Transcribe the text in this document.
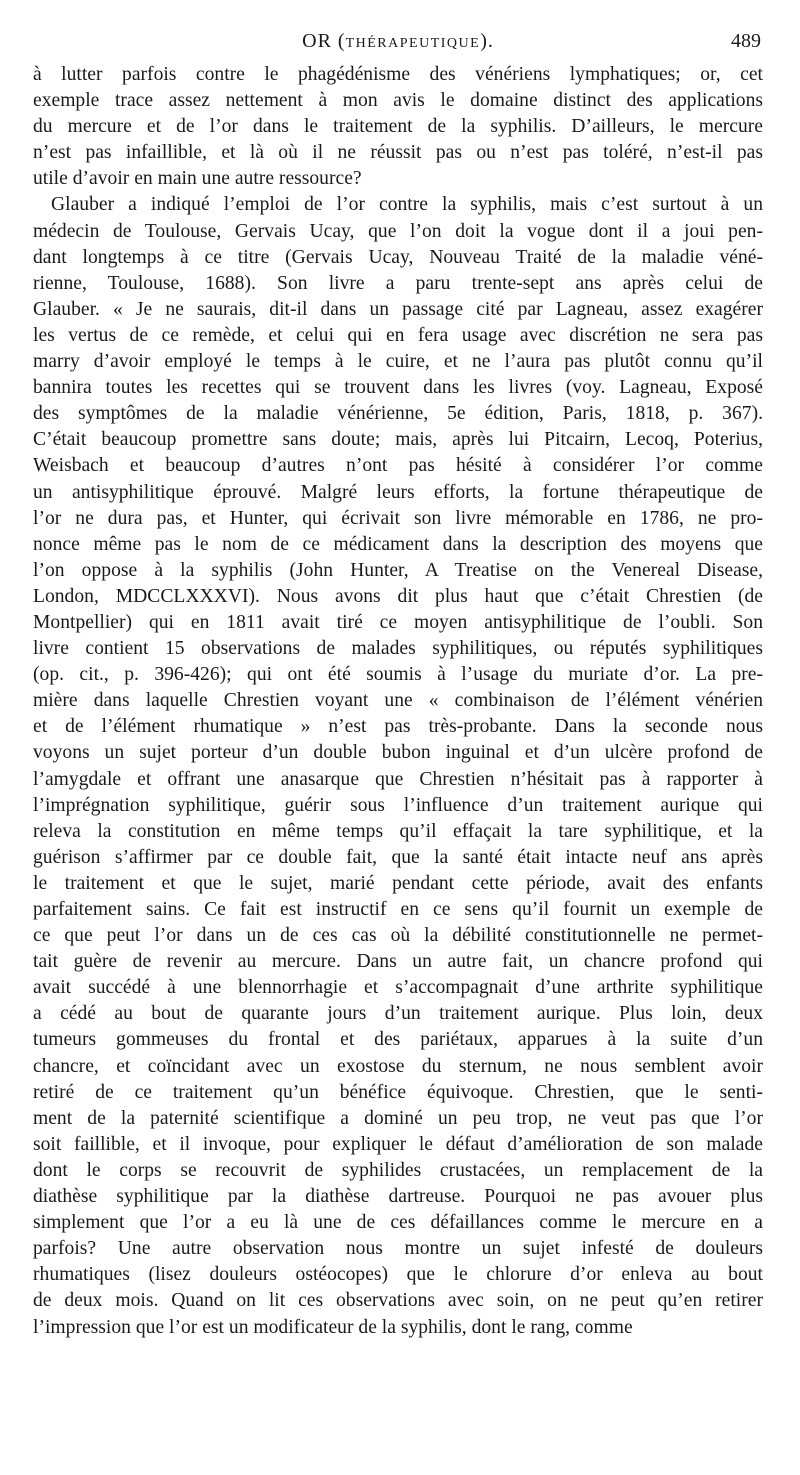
OR (THÉRAPEUTIQUE).	489
à lutter parfois contre le phagédénisme des vénériens lymphatiques; or, cet
exemple trace assez nettement à mon avis le domaine distinct des applications
du mercure et de l’or dans le traitement de la syphilis. D’ailleurs, le mercure
n’est pas infaillible, et là où il ne réussit pas ou n’est pas toléré, n’est-il pas
utile d’avoir en main une autre ressource?
Glauber a indiqué l’emploi de l’or contre la syphilis, mais c’est surtout à un
médecin de Toulouse, Gervais Ucay, que l’on doit la vogue dont il a joui pen-
dant longtemps à ce titre (Gervais Ucay, Nouveau Traité de la maladie véné-
rienne, Toulouse, 1688). Son livre a paru trente-sept ans après celui de
Glauber. « Je ne saurais, dit-il dans un passage cité par Lagneau, assez exagérer
les vertus de ce remède, et celui qui en fera usage avec discrétion ne sera pas
marry d’avoir employé le temps à le cuire, et ne l’aura pas plutôt connu qu’il
bannira toutes les recettes qui se trouvent dans les livres (voy. Lagneau, Exposé
des symptômes de la maladie vénérienne, 5e édition, Paris, 1818, p. 367).
C’était beaucoup promettre sans doute; mais, après lui Pitcairn, Lecoq, Poterius,
Weisbach et beaucoup d’autres n’ont pas hésité à considérer l’or comme
un antisyphilitique éprouvé. Malgré leurs efforts, la fortune thérapeutique de
l’or ne dura pas, et Hunter, qui écrivait son livre mémorable en 1786, ne pro-
nonce même pas le nom de ce médicament dans la description des moyens que
l’on oppose à la syphilis (John Hunter, A Treatise on the Venereal Disease,
London, MDCCLXXXVI). Nous avons dit plus haut que c’était Chrestien (de
Montpellier) qui en 1811 avait tiré ce moyen antisyphilitique de l’oubli. Son
livre contient 15 observations de malades syphilitiques, ou réputés syphilitiques
(op. cit., p. 396-426); qui ont été soumis à l’usage du muriate d’or. La pre-
mière dans laquelle Chrestien voyant une « combinaison de l’élément vénérien
et de l’élément rhumatique » n’est pas très-probante. Dans la seconde nous
voyons un sujet porteur d’un double bubon inguinal et d’un ulcère profond de
l’amygdale et offrant une anasarque que Chrestien n’hésitait pas à rapporter à
l’imprégnation syphilitique, guérir sous l’influence d’un traitement aurique qui
releva la constitution en même temps qu’il effaçait la tare syphilitique, et la
guérison s’affirmer par ce double fait, que la santé était intacte neuf ans après
le traitement et que le sujet, marié pendant cette période, avait des enfants
parfaitement sains. Ce fait est instructif en ce sens qu’il fournit un exemple de
ce que peut l’or dans un de ces cas où la débilité constitutionnelle ne permet-
tait guère de revenir au mercure. Dans un autre fait, un chancre profond qui
avait succédé à une blennorrhagie et s’accompagnait d’une arthrite syphilitique
a cédé au bout de quarante jours d’un traitement aurique. Plus loin, deux
tumeurs gommeuses du frontal et des pariétaux, apparues à la suite d’un
chancre, et coïncidant avec un exostose du sternum, ne nous semblent avoir
retiré de ce traitement qu’un bénéfice équivoque. Chrestien, que le senti-
ment de la paternité scientifique a dominé un peu trop, ne veut pas que l’or
soit faillible, et il invoque, pour expliquer le défaut d’amélioration de son malade
dont le corps se recouvrit de syphilides crustacées, un remplacement de la
diathèse syphilitique par la diathèse dartreuse. Pourquoi ne pas avouer plus
simplement que l’or a eu là une de ces défaillances comme le mercure en a
parfois? Une autre observation nous montre un sujet infesté de douleurs
rhumatiques (lisez douleurs ostéocopes) que le chlorure d’or enleva au bout
de deux mois. Quand on lit ces observations avec soin, on ne peut qu’en retirer
l’impression que l’or est un modificateur de la syphilis, dont le rang, comme
